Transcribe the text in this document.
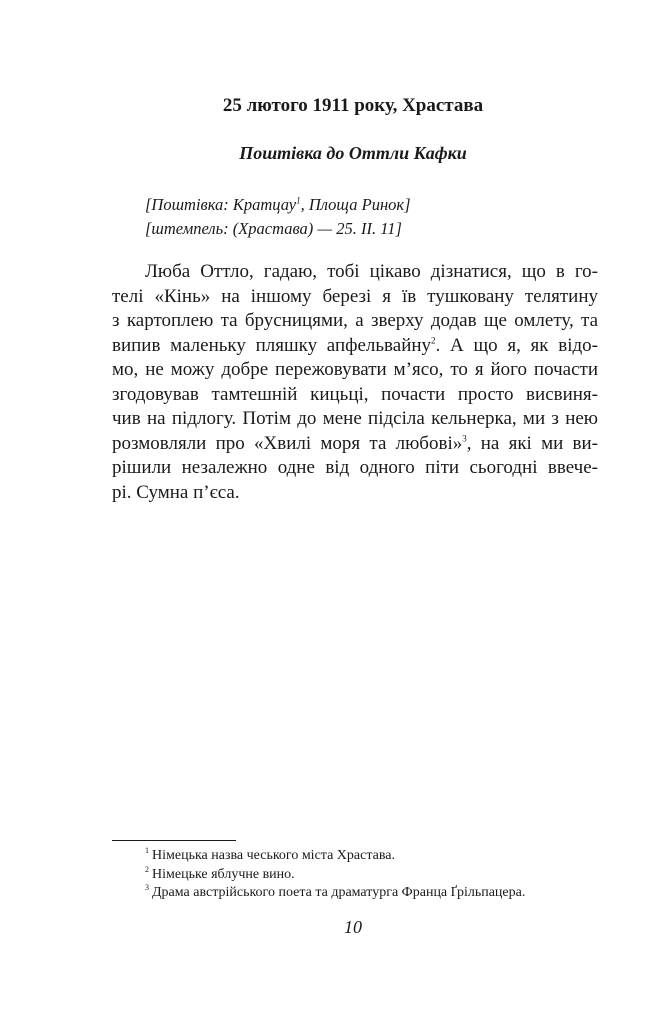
25 лютого 1911 року, Храстава
Поштівка до Оттли Кафки
[Поштівка: Кратцау$^1$, Площа Ринок]
[штемпель: (Храстава) — 25. ІІ. 11]
Люба Оттло, гадаю, тобі цікаво дізнатися, що в го-
телі «Кінь» на іншому березі я їв тушковану телятину
з картоплею та брусницями, а зверху додав ще омлету, та
випив маленьку пляшку апфельвайну$^2$. А що я, як відо-
мо, не можу добре пережовувати м’ясо, то я його почасти
згодовував тамтешній кицьці, почасти просто висвиня-
чив на підлогу. Потім до мене підсіла кельнерка, ми з нею
розмовляли про «Хвилі моря та любові»$^3$, на які ми ви-
рішили незалежно одне від одного піти сьогодні ввече-
рі. Сумна п’єса.
$^1$ Німецька назва чеського міста Храстава.
$^2$ Німецьке яблучне вино.
$^3$ Драма австрійського поета та драматурга Франца Ґрільпацера.
10
